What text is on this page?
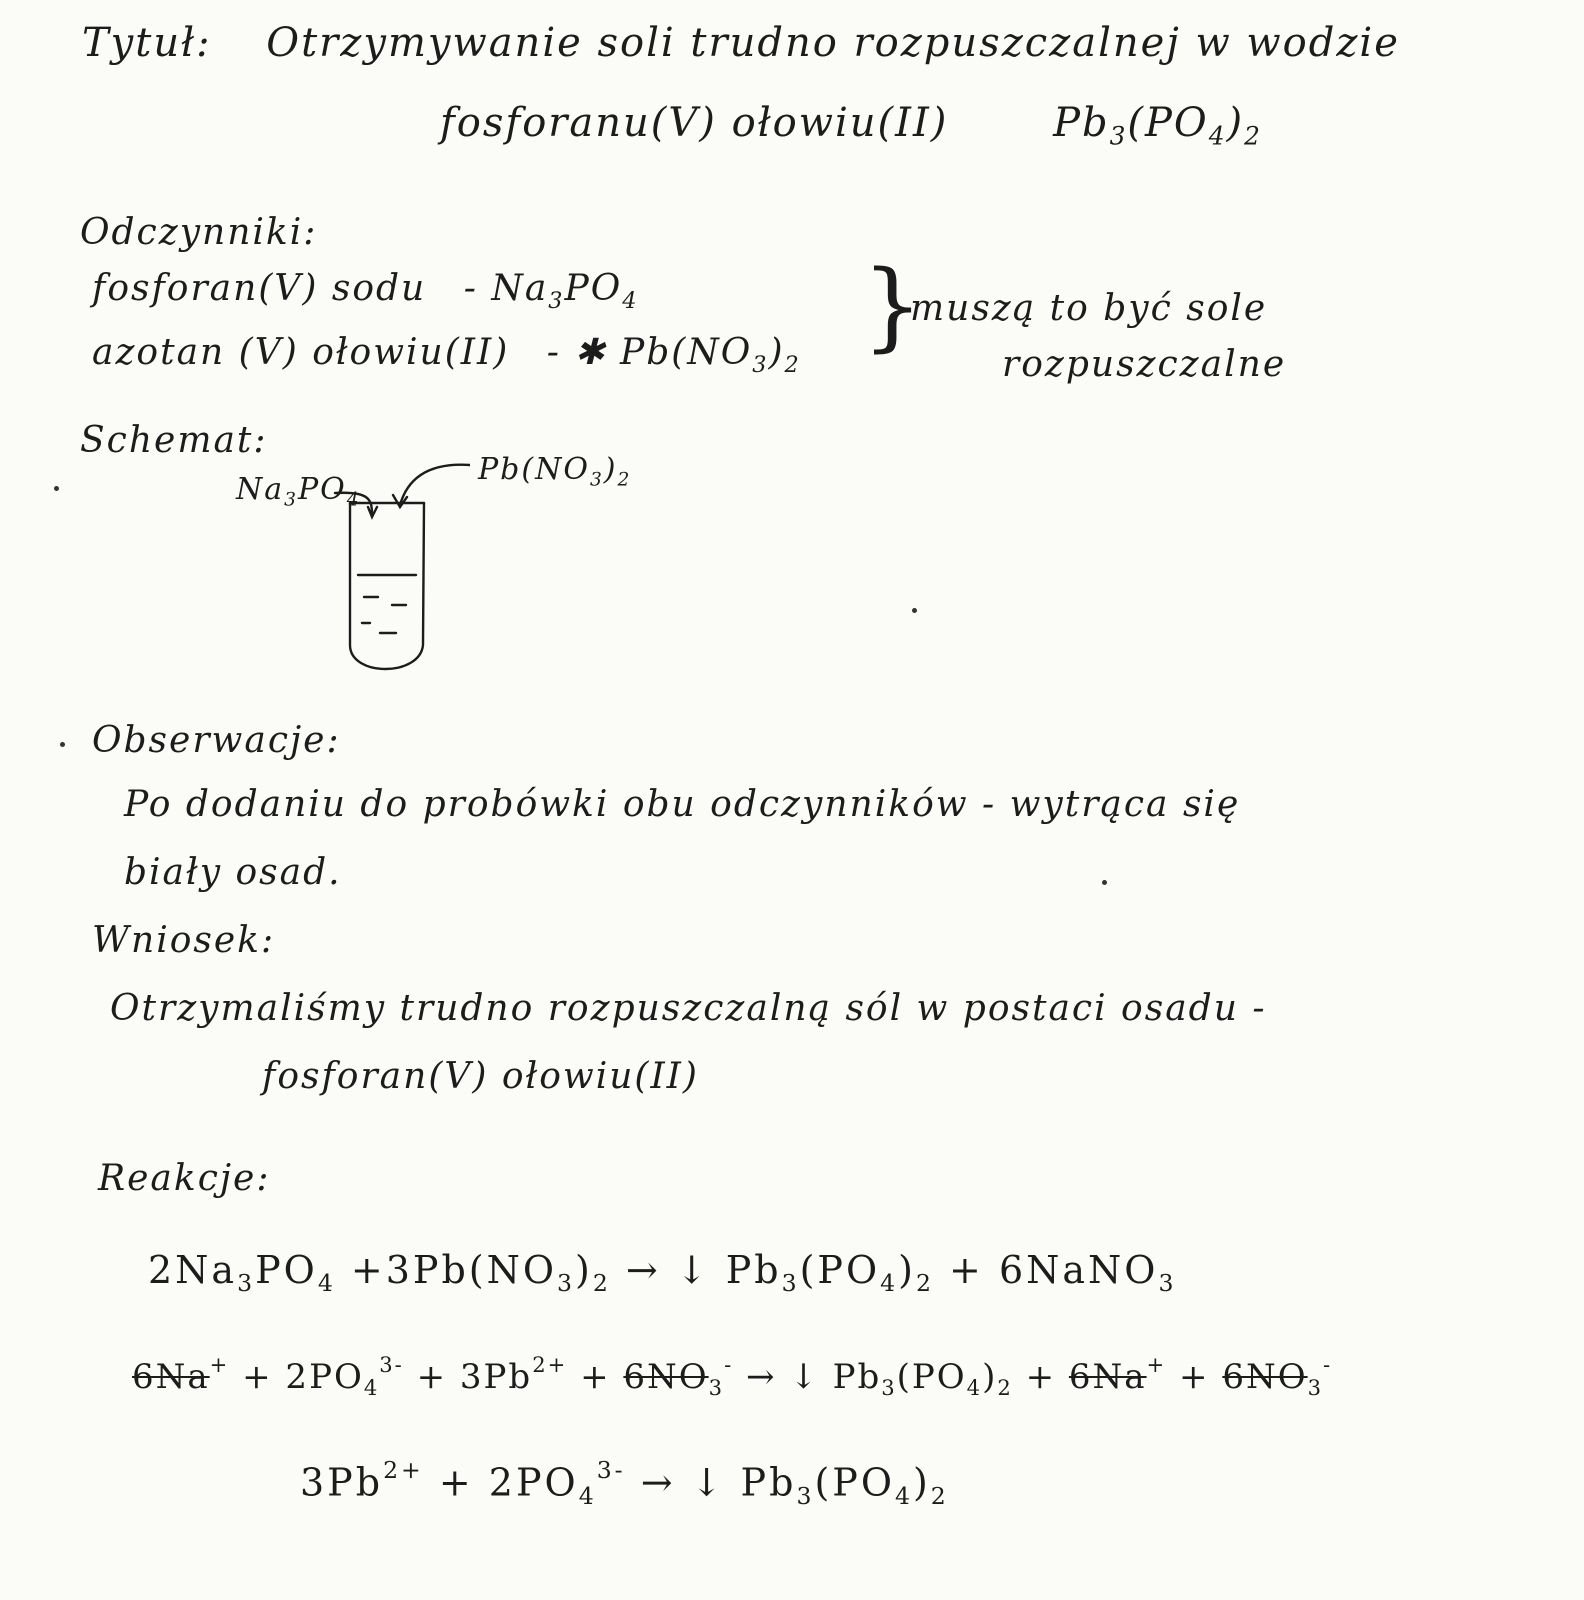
Tytuł: Otrzymywanie soli trudno rozpuszczalnej w wodzie
fosforanu(V) ołowiu(II)	$Pb_3(PO_4)_2$
Odczynniki:
fosforan(V) sodu - $Na_3PO_4$
azotan (V) ołowiu(II) - ✱ $Pb(NO_3)_2$
}
muszą to być sole
rozpuszczalne
Schemat:
$Na_3PO_4$
$Pb(NO_3)_2$
Obserwacje:
Po dodaniu do probówki obu odczynników - wytrąca się
biały osad.
Wniosek:
Otrzymaliśmy trudno rozpuszczalną sól w postaci osadu -
fosforan(V) ołowiu(II)
Reakcje:
$2Na_3PO_4 +3Pb(NO_3)_2$ → ↓ $Pb_3(PO_4)_2$ + 6NaNO$_3$
$6Na^+ + 2PO_4^{3-} + 3Pb^{2+} + 6NO_3^-$ → ↓ $Pb_3(PO_4)_2 + 6Na^+ + 6NO_3^-$
$3Pb^{2+} + 2PO_4^{3-}$ → ↓ $Pb_3(PO_4)_2$
